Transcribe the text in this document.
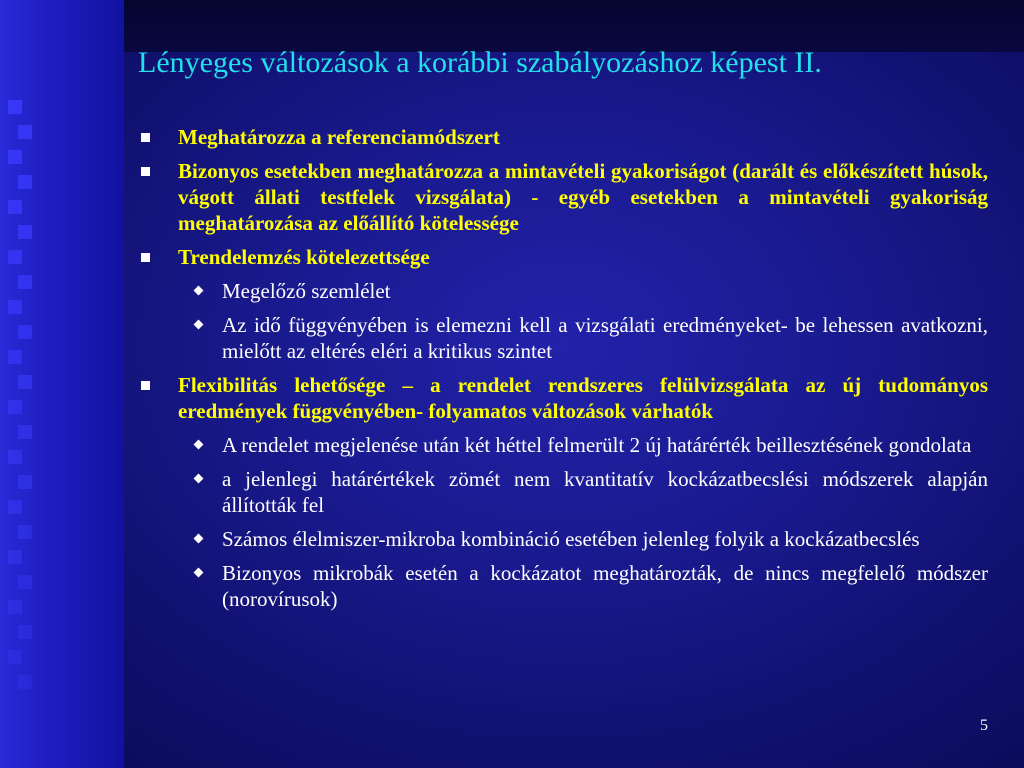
Lényeges változások a korábbi szabályozáshoz képest II.
Meghatározza a referenciamódszert
Bizonyos esetekben meghatározza a mintavételi gyakoriságot (darált és előkészített húsok, vágott állati testfelek vizsgálata) - egyéb esetekben a mintavételi gyakoriság meghatározása az előállító kötelessége
Trendelemzés kötelezettsége
Megelőző szemlélet
Az idő függvényében is elemezni kell a vizsgálati eredményeket- be lehessen avatkozni, mielőtt az eltérés eléri a kritikus szintet
Flexibilitás lehetősége – a rendelet rendszeres felülvizsgálata az új tudományos eredmények függvényében- folyamatos változások várhatók
A rendelet megjelenése után két héttel felmerült 2 új határérték beillesztésének gondolata
a jelenlegi határértékek zömét nem kvantitatív kockázatbecslési módszerek alapján állították fel
Számos élelmiszer-mikroba kombináció esetében jelenleg folyik a kockázatbecslés
Bizonyos mikrobák esetén a kockázatot meghatározták, de nincs megfelelő módszer (norovírusok)
5
